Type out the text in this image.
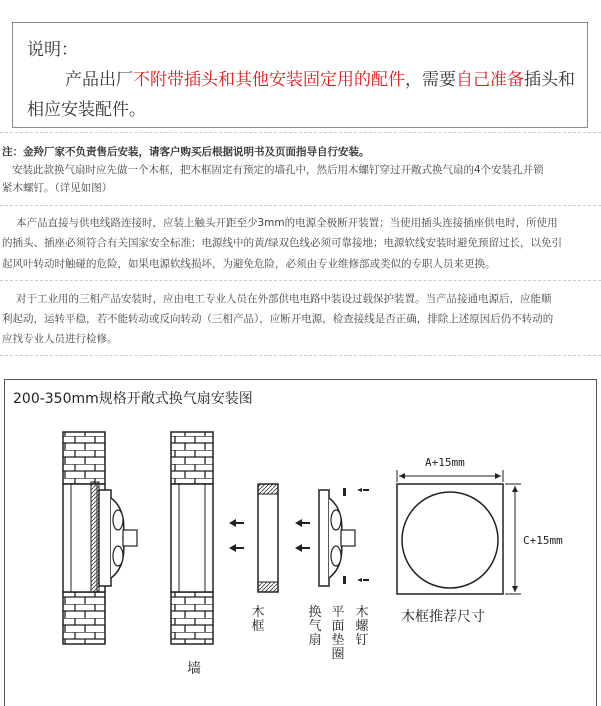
说明：
产品出厂不附带插头和其他安装固定用的配件，需要自己准备插头和
相应安装配件。
注：金羚厂家不负责售后安装，请客户购买后根据说明书及页面指导自行安装。
安装此款换气扇时应先做一个木框，把木框固定有预定的墙孔中，然后用木螺钉穿过开敞式换气扇的4个安装孔并锁
紧木螺钉。（详见如图）
本产品直接与供电线路连接时，应装上触头开距至少3mm的电源全极断开装置；当使用插头连接插座供电时，所使用
的插头、插座必须符合有关国家安全标准；电源线中的黄/绿双色线必须可靠接地；电源软线安装时避免预留过长，以免引
起风叶转动时触碰的危险，如果电源软线损坏，为避免危险，必须由专业维修部或类似的专职人员来更换。
对于工业用的三相产品安装时，应由电工专业人员在外部供电电路中装设过载保护装置。当产品接通电源后，应能顺
利起动，运转平稳，若不能转动或反向转动（三相产品），应断开电源，检查接线是否正确，排除上述原因后仍不转动的
应找专业人员进行检修。
200-350mm规格开敞式换气扇安装图
A+15mm
C+15mm
木框
换气扇
平面垫圈
木螺钉
墙
木框推荐尺寸
